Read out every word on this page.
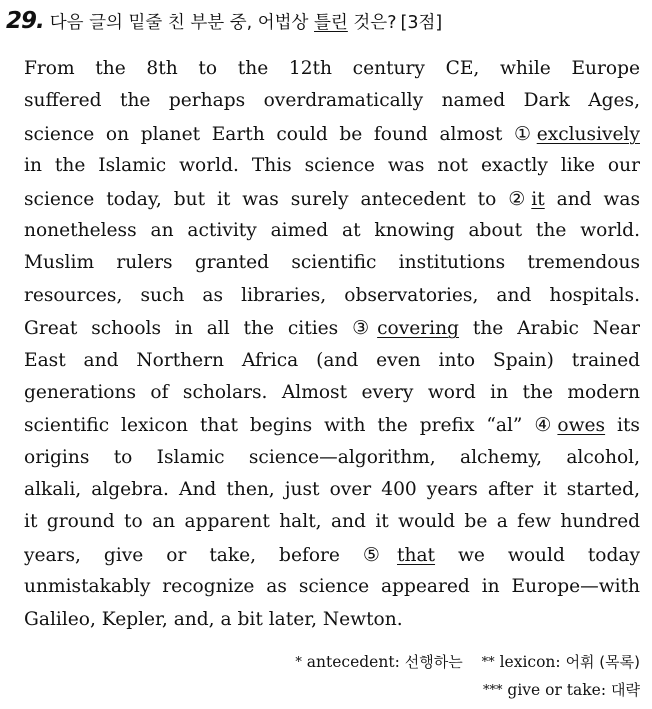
29. 다음 글의 밑줄 친 부분 중, 어법상 틀린 것은? [3점]
From the 8th to the 12th century CE, while Europe
suffered the perhaps overdramatically named Dark Ages,
science on planet Earth could be found almost ①exclusively
in the Islamic world. This science was not exactly like our
science today, but it was surely antecedent to ②it and was
nonetheless an activity aimed at knowing about the world.
Muslim rulers granted scientific institutions tremendous
resources, such as libraries, observatories, and hospitals.
Great schools in all the cities ③covering the Arabic Near
East and Northern Africa (and even into Spain) trained
generations of scholars. Almost every word in the modern
scientific lexicon that begins with the prefix “al” ④owes its
origins to Islamic science—algorithm, alchemy, alcohol,
alkali, algebra. And then, just over 400 years after it started,
it ground to an apparent halt, and it would be a few hundred
years, give or take, before ⑤that we would today
unmistakably recognize as science appeared in Europe—with
Galileo, Kepler, and, a bit later, Newton.
* antecedent: 선행하는 ** lexicon: 어휘 (목록)
*** give or take: 대략
